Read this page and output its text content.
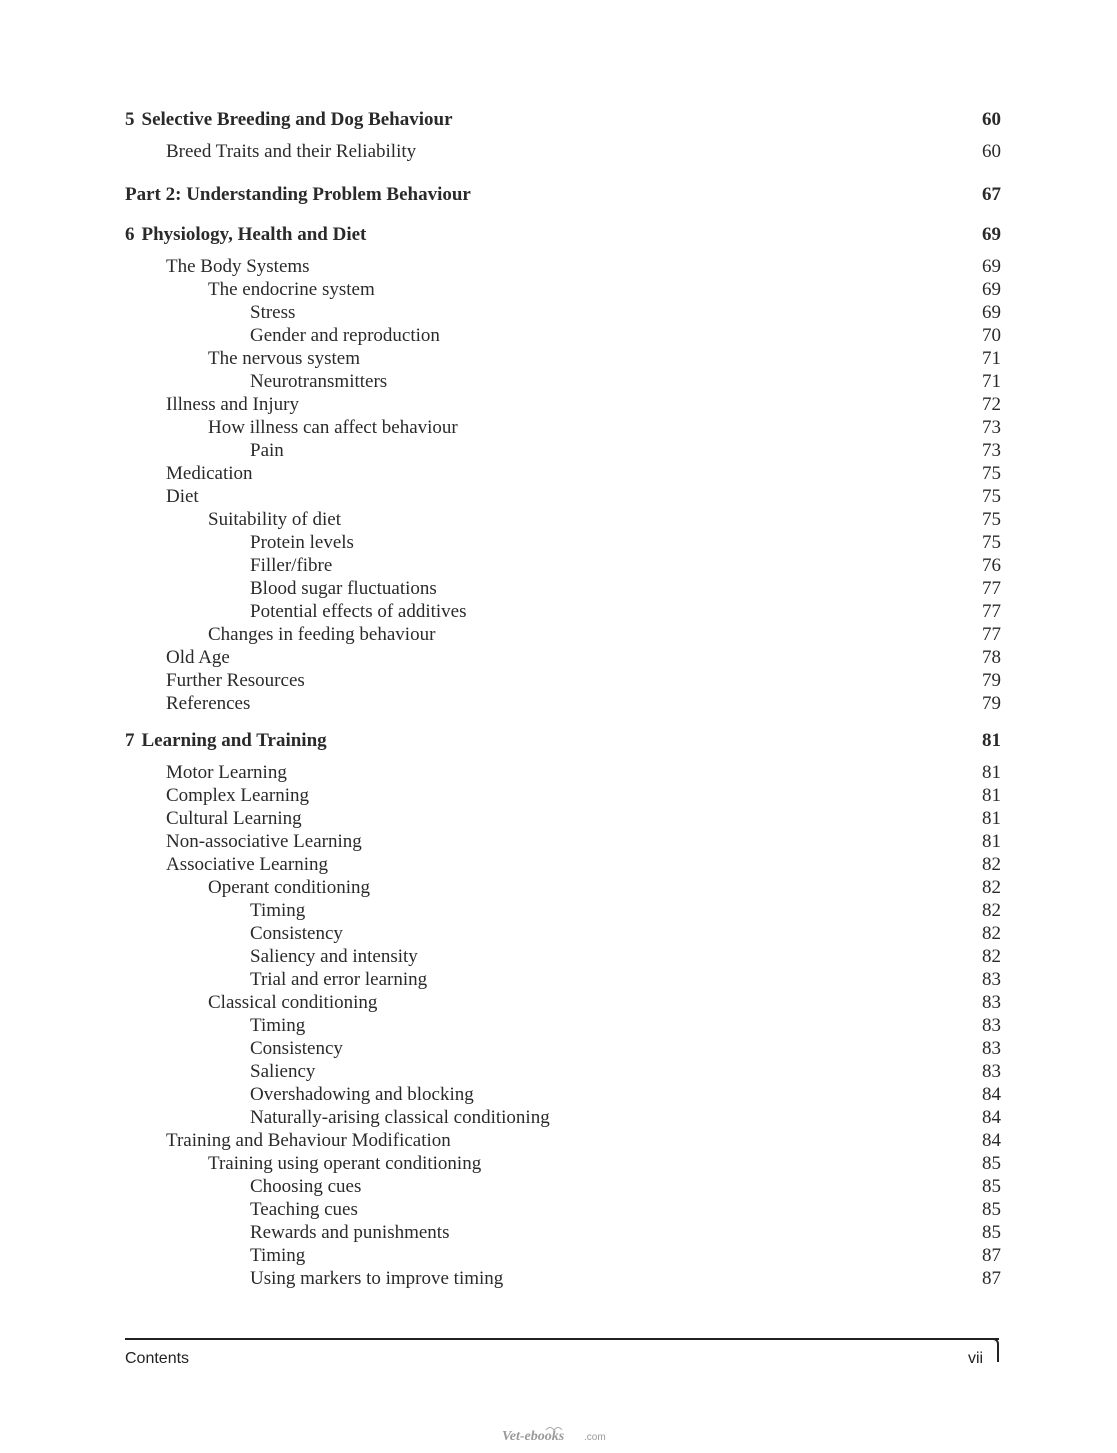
5 Selective Breeding and Dog Behaviour	60
Breed Traits and their Reliability	60
Part 2: Understanding Problem Behaviour	67
6 Physiology, Health and Diet	69
The Body Systems	69
The endocrine system	69
Stress	69
Gender and reproduction	70
The nervous system	71
Neurotransmitters	71
Illness and Injury	72
How illness can affect behaviour	73
Pain	73
Medication	75
Diet	75
Suitability of diet	75
Protein levels	75
Filler/fibre	76
Blood sugar fluctuations	77
Potential effects of additives	77
Changes in feeding behaviour	77
Old Age	78
Further Resources	79
References	79
7 Learning and Training	81
Motor Learning	81
Complex Learning	81
Cultural Learning	81
Non-associative Learning	81
Associative Learning	82
Operant conditioning	82
Timing	82
Consistency	82
Saliency and intensity	82
Trial and error learning	83
Classical conditioning	83
Timing	83
Consistency	83
Saliency	83
Overshadowing and blocking	84
Naturally-arising classical conditioning	84
Training and Behaviour Modification	84
Training using operant conditioning	85
Choosing cues	85
Teaching cues	85
Rewards and punishments	85
Timing	87
Using markers to improve timing	87
Contents	vii
Vet-ebooks .com
